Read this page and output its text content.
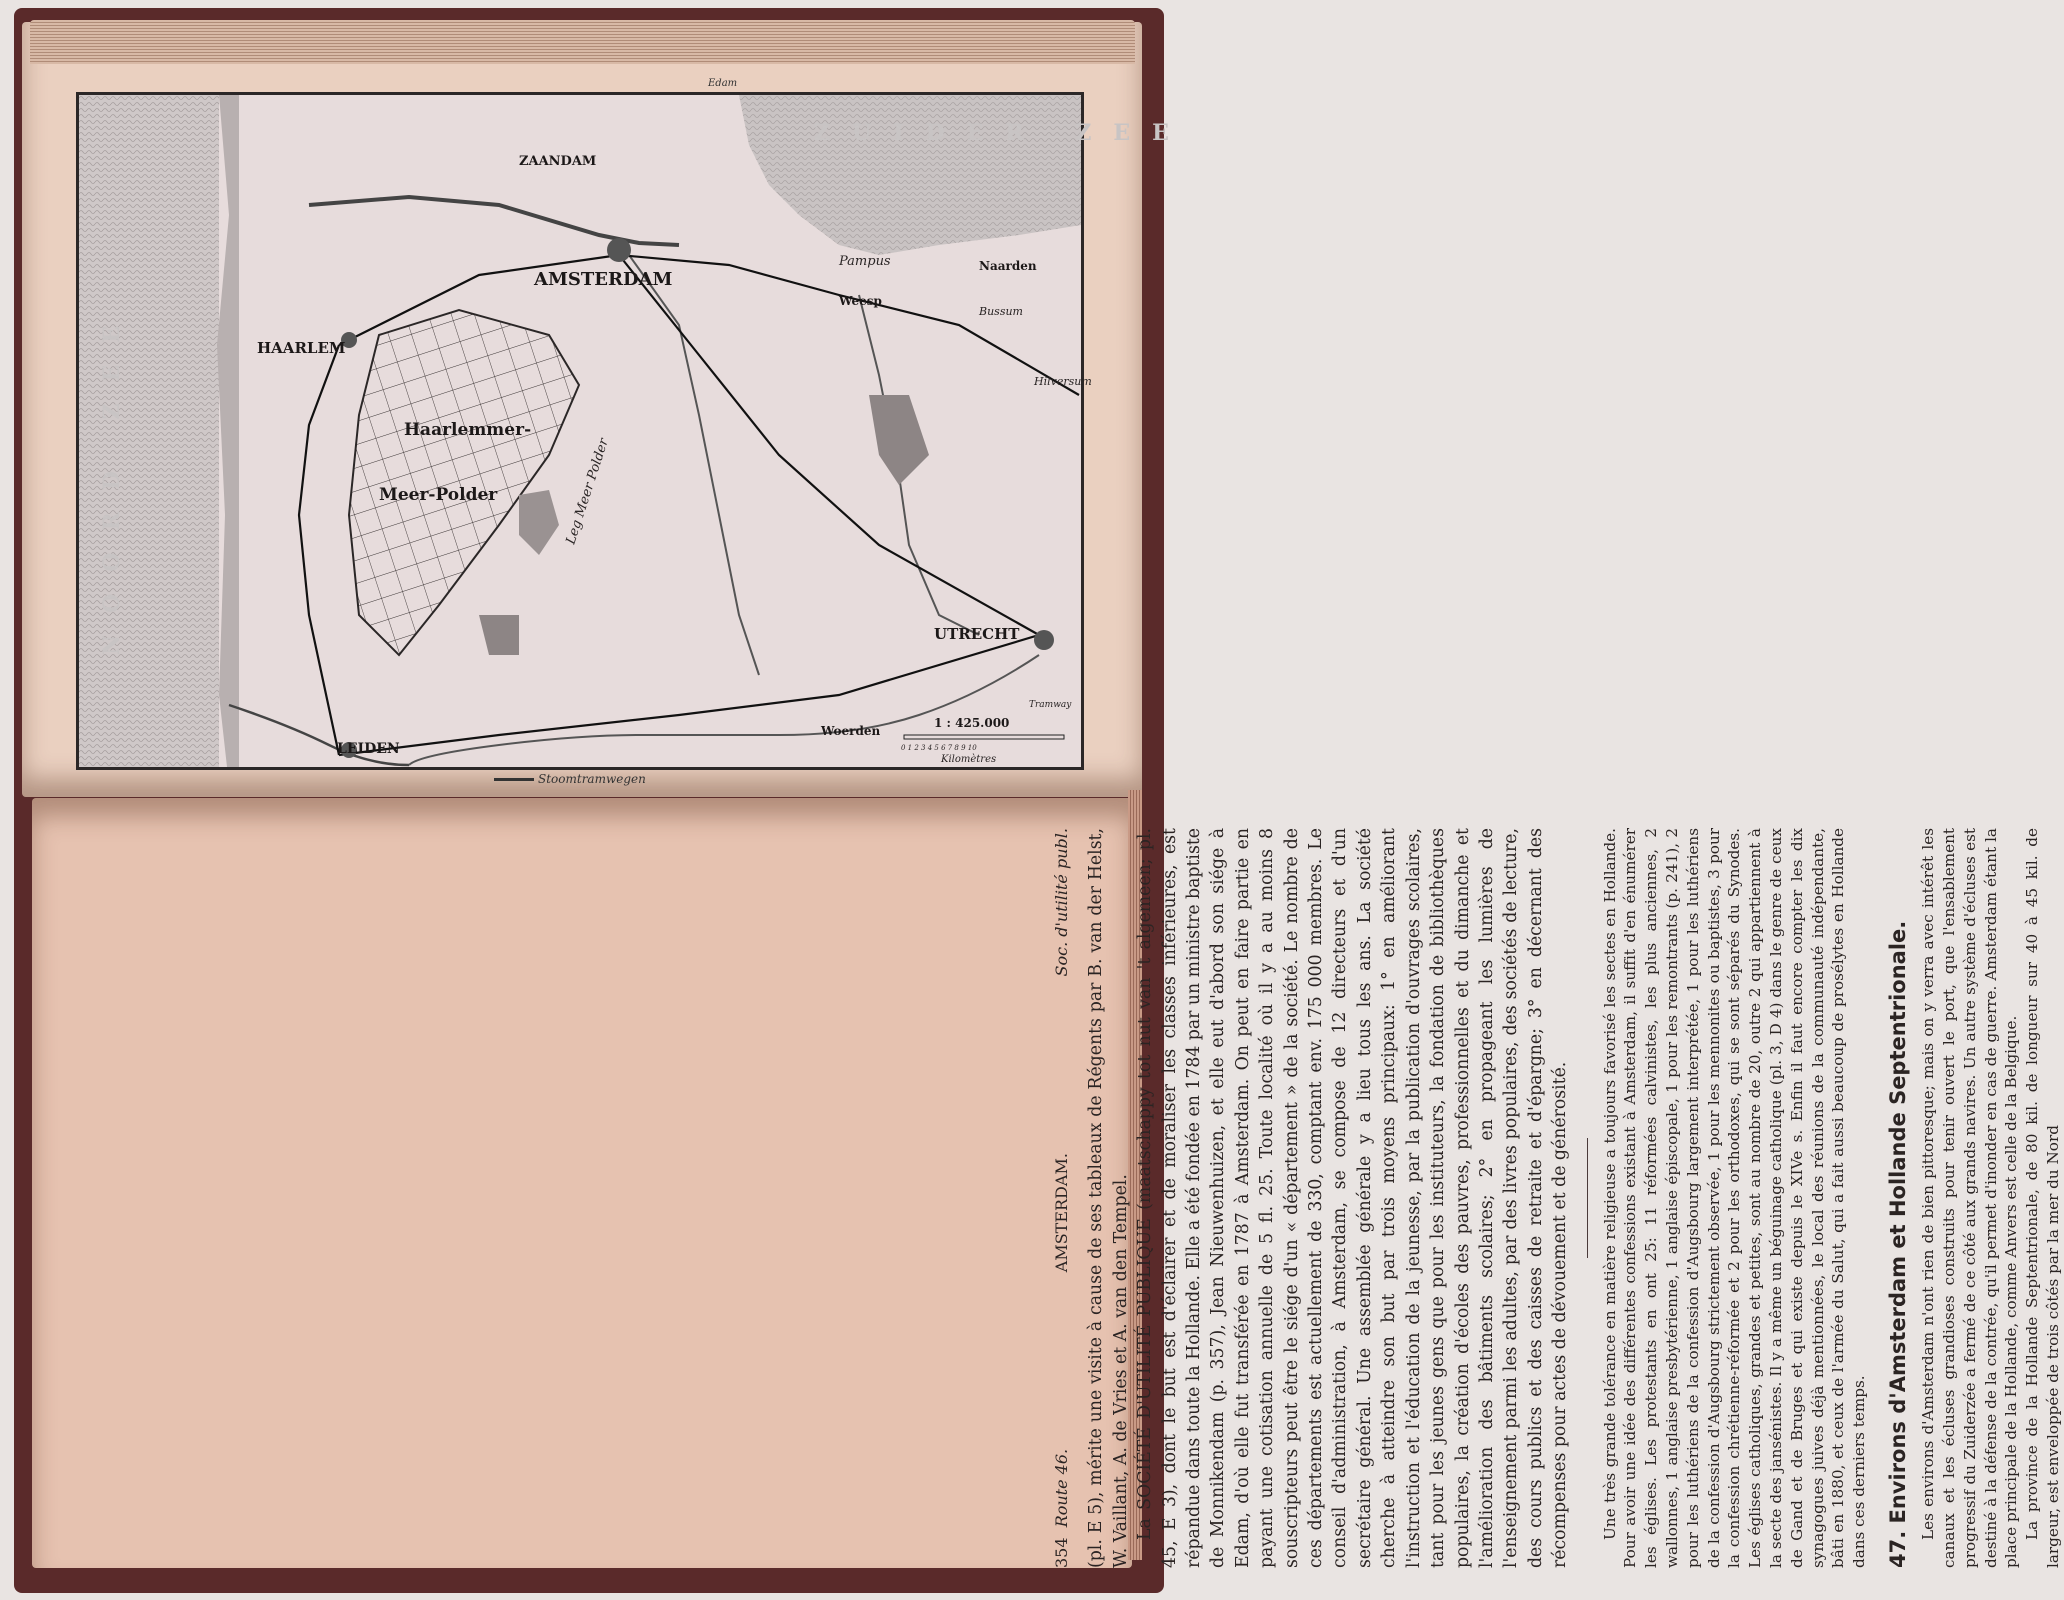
Edam
AMSTERDAM
HAARLEM
ZAANDAM
LEIDEN
UTRECHT
Haarlemmer-
Meer-Polder	Leg Meer Polder
Pampus
Weesp
Naarden
Hilversum
Woerden
Bussum
NOORD ZEE
ZUIDER ZEE
1 : 425.000
0 1 2 3 4 5 6 7 8 9 10
Kilomètres
Tramway
Stoomtramwegen
354  Route 46.
AMSTERDAM.
Soc. d'utilité publ. (pl. E 5), mérite une visite à cause de ses tableaux de Régents par B. van der Helst, W. Vaillant, A. de Vries et A. van den Tempel. La SOCIÉTÉ D'UTILITÉ PUBLIQUE (maatschappy tot nut van 't algemeen; pl. 45, E 3), dont le but est d'éclairer et de moraliser les classes inférieures, est répandue dans toute la Hollande. Elle a été fondée en 1784 par un ministre baptiste de Monnikendam (p. 357), Jean Nieuwenhuizen, et elle eut d'abord son siége à Edam, d'où elle fut transférée en 1787 à Amsterdam. On peut en faire partie en payant une cotisation annuelle de 5 fl. 25. Toute localité où il y a au moins 8 souscripteurs peut être le siége d'un « département » de la société. Le nombre de ces départements est actuellement de 330, comptant env. 175 000 membres. Le conseil d'administration, à Amsterdam, se compose de 12 directeurs et d'un secrétaire général. Une assemblée générale y a lieu tous les ans. La société cherche à atteindre son but par trois moyens principaux: 1° en améliorant l'instruction et l'éducation de la jeunesse, par la publication d'ouvrages scolaires, tant pour les jeunes gens que pour les instituteurs, la fondation de bibliothèques populaires, la création d'écoles des pauvres, professionnelles et du dimanche et l'amélioration des bâtiments scolaires; 2° en propageant les lumières de l'enseignement parmi les adultes, par des livres populaires, des sociétés de lecture, des cours publics et des caisses de retraite et d'épargne; 3° en décernant des récompenses pour actes de dévouement et de générosité. Une très grande tolérance en matière religieuse a toujours favorisé les sectes en Hollande. Pour avoir une idée des différentes confessions existant à Amsterdam, il suffit d'en énumérer les églises. Les protestants en ont 25: 11 réformées calvinistes, les plus anciennes, 2 wallonnes, 1 anglaise presbytérienne, 1 anglaise épiscopale, 1 pour les remontrants (p. 241), 2 pour les luthériens de la confession d'Augsbourg largement interprétée, 1 pour les luthériens de la confession d'Augsbourg strictement observée, 1 pour les mennonites ou baptistes, 3 pour la confession chrétienne-réformée et 2 pour les orthodoxes, qui se sont séparés du Synodes. Les églises catholiques, grandes et petites, sont au nombre de 20, outre 2 qui appartiennent à la secte des jansénistes. Il y a même un béguinage catholique (pl. 3, D 4) dans le genre de ceux de Gand et de Bruges et qui existe depuis le XIVe s. Enfin il faut encore compter les dix synagogues juives déjà mentionnées, le local des réunions de la communauté indépendante, bâti en 1880, et ceux de l'armée du Salut, qui a fait aussi beaucoup de prosélytes en Hollande dans ces derniers temps. 47. Environs d'Amsterdam et Hollande Septentrionale. Les environs d'Amsterdam n'ont rien de bien pittoresque; mais on y verra avec intérêt les canaux et les écluses grandioses construits pour tenir ouvert le port, que l'ensablement progressif du Zuiderzée a fermé de ce côté aux grands navires. Un autre système d'écluses est destiné à la défense de la contrée, qu'il permet d'inonder en cas de guerre. Amsterdam étant la place principale de la Hollande, comme Anvers est celle de la Belgique. La province de la Hollande Septentrionale, de 80 kil. de longueur sur 40 à 45 kil. de largeur, est enveloppée de trois côtés par la mer du Nord
